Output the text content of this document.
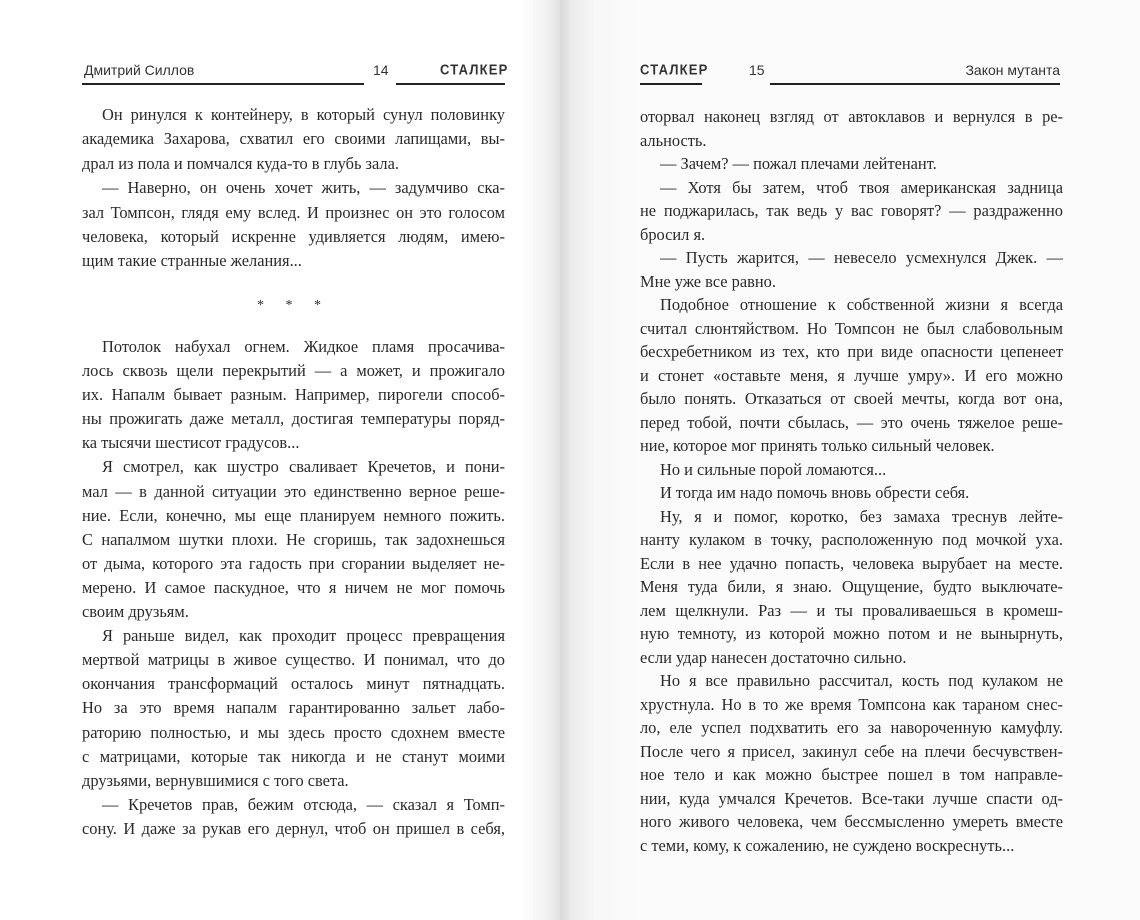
Дмитрий Силлов	14	СТАЛКЕР
Он ринулся к контейнеру, в который сунул половинку
академика Захарова, схватил его своими лапищами, вы-
драл из пола и помчался куда-то в глубь зала.
— Наверно, он очень хочет жить, — задумчиво ска-
зал Томпсон, глядя ему вслед. И произнес он это голосом
человека, который искренне удивляется людям, имею-
щим такие странные желания...
* * *
Потолок набухал огнем. Жидкое пламя просачива-
лось сквозь щели перекрытий — а может, и прожигало
их. Напалм бывает разным. Например, пирогели способ-
ны прожигать даже металл, достигая температуры поряд-
ка тысячи шестисот градусов...
Я смотрел, как шустро сваливает Кречетов, и пони-
мал — в данной ситуации это единственно верное реше-
ние. Если, конечно, мы еще планируем немного пожить.
С напалмом шутки плохи. Не сгоришь, так задохнешься
от дыма, которого эта гадость при сгорании выделяет не-
мерено. И самое паскудное, что я ничем не мог помочь
своим друзьям.
Я раньше видел, как проходит процесс превращения
мертвой матрицы в живое существо. И понимал, что до
окончания трансформаций осталось минут пятнадцать.
Но за это время напалм гарантированно зальет лабо-
раторию полностью, и мы здесь просто сдохнем вместе
с матрицами, которые так никогда и не станут моими
друзьями, вернувшимися с того света.
— Кречетов прав, бежим отсюда, — сказал я Томп-
сону. И даже за рукав его дернул, чтоб он пришел в себя,
СТАЛКЕР	15	Закон мутанта
оторвал наконец взгляд от автоклавов и вернулся в ре-
альность.
— Зачем? — пожал плечами лейтенант.
— Хотя бы затем, чтоб твоя американская задница
не поджарилась, так ведь у вас говорят? — раздраженно
бросил я.
— Пусть жарится, — невесело усмехнулся Джек. —
Мне уже все равно.
Подобное отношение к собственной жизни я всегда
считал слюнтяйством. Но Томпсон не был слабовольным
бесхребетником из тех, кто при виде опасности цепенеет
и стонет «оставьте меня, я лучше умру». И его можно
было понять. Отказаться от своей мечты, когда вот она,
перед тобой, почти сбылась, — это очень тяжелое реше-
ние, которое мог принять только сильный человек.
Но и сильные порой ломаются...
И тогда им надо помочь вновь обрести себя.
Ну, я и помог, коротко, без замаха треснув лейте-
нанту кулаком в точку, расположенную под мочкой уха.
Если в нее удачно попасть, человека вырубает на месте.
Меня туда били, я знаю. Ощущение, будто выключате-
лем щелкнули. Раз — и ты проваливаешься в кромеш-
ную темноту, из которой можно потом и не вынырнуть,
если удар нанесен достаточно сильно.
Но я все правильно рассчитал, кость под кулаком не
хрустнула. Но в то же время Томпсона как тараном снес-
ло, еле успел подхватить его за навороченную камуфлу.
После чего я присел, закинул себе на плечи бесчувствен-
ное тело и как можно быстрее пошел в том направле-
нии, куда умчался Кречетов. Все-таки лучше спасти од-
ного живого человека, чем бессмысленно умереть вместе
с теми, кому, к сожалению, не суждено воскреснуть...
